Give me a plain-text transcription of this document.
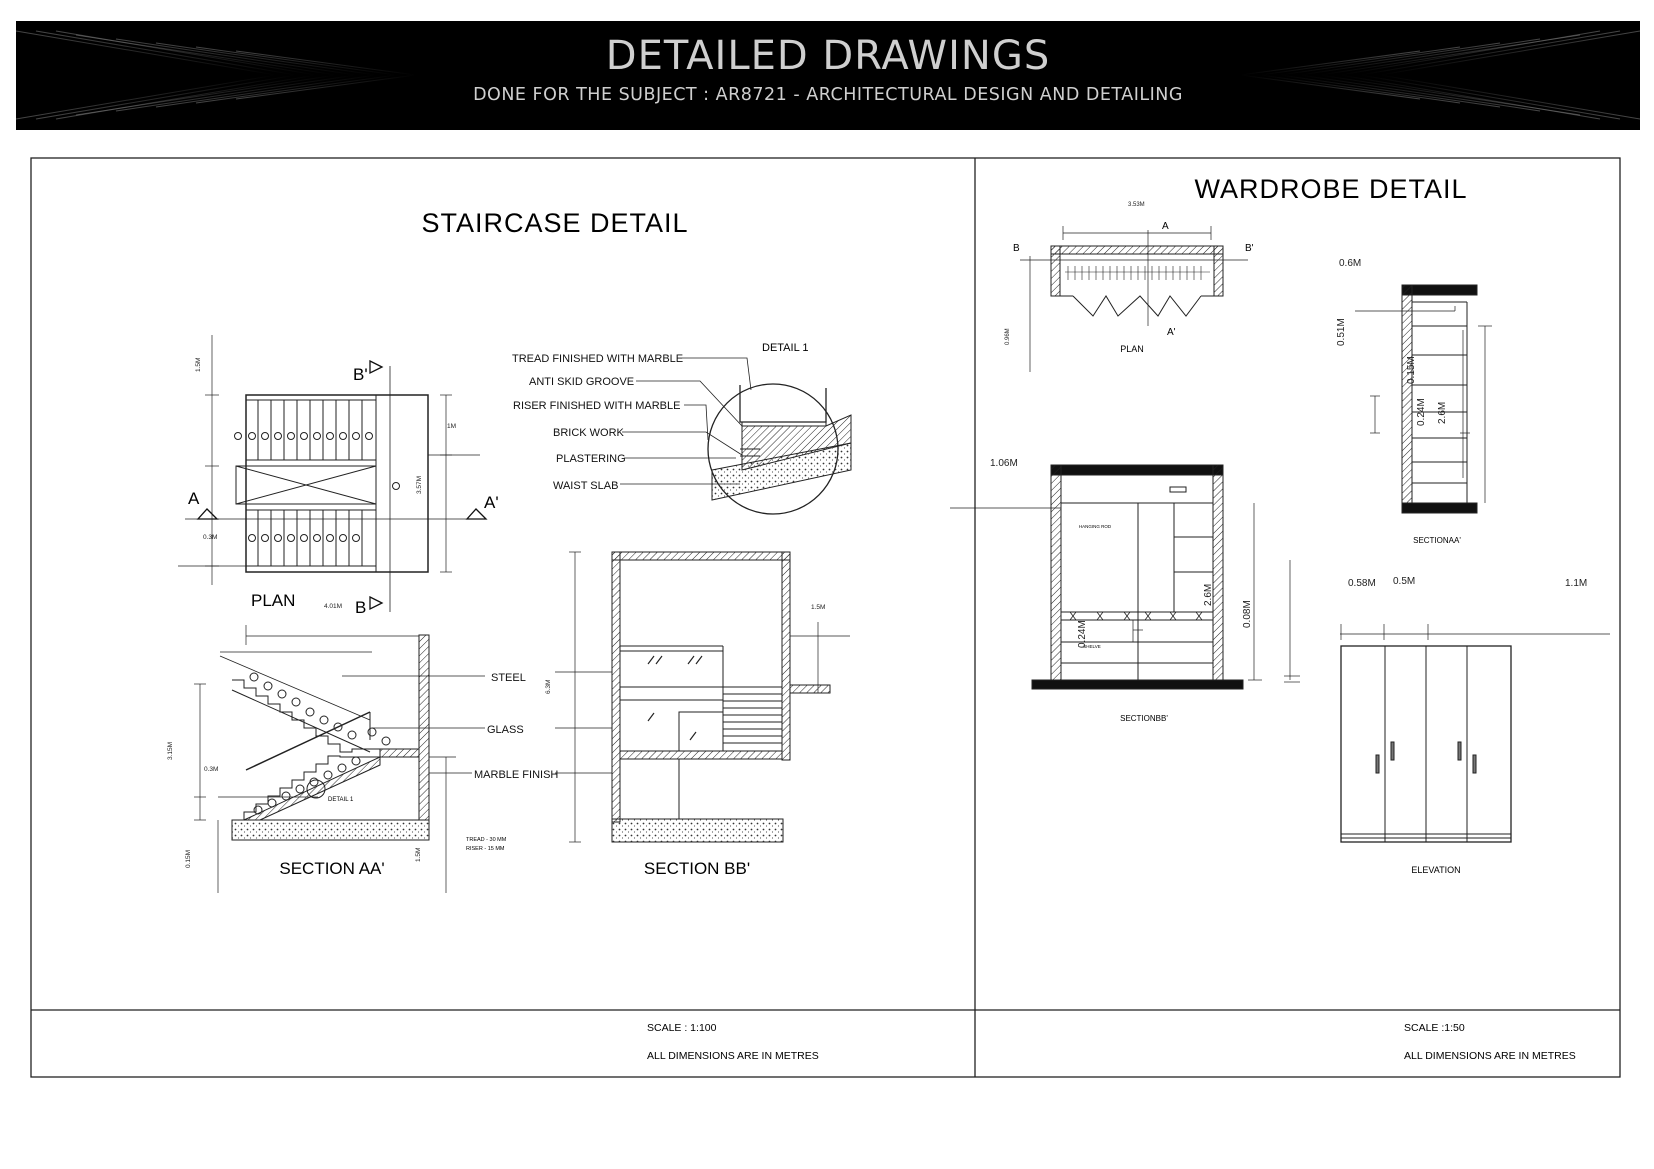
DETAILED DRAWINGS
DONE FOR THE SUBJECT : AR8721 - ARCHITECTURAL DESIGN AND DETAILING
STAIRCASE DETAIL
A	A'
B'
B
PLAN
1.5M
1M
3.57M
4.01M
0.3M
DETAIL 1
TREAD FINISHED WITH MARBLE
ANTI SKID GROOVE
RISER FINISHED WITH MARBLE
BRICK WORK
PLASTERING
WAIST SLAB
STEEL
GLASS
MARBLE FINISH
DETAIL 1
TREAD - 30 MM
RISER - 15 MM
3.15M
0.3M
0.15M	1.5M
SECTION AA'
6.3M
1.5M
SECTION BB'
SCALE : 1:100
ALL DIMENSIONS ARE IN METRES
WARDROBE DETAIL
A
A'
B	B'
PLAN
3.53M
0.96M
0.6M
0.51M
0.15M
0.24M 2.6M
SECTIONAA'
HANGING ROD
SHELVE
1.06M
0.08M
2.6M
0.24M
SECTIONBB'
0.58M 0.5M	1.1M
ELEVATION
SCALE :1:50
ALL DIMENSIONS ARE IN METRES
